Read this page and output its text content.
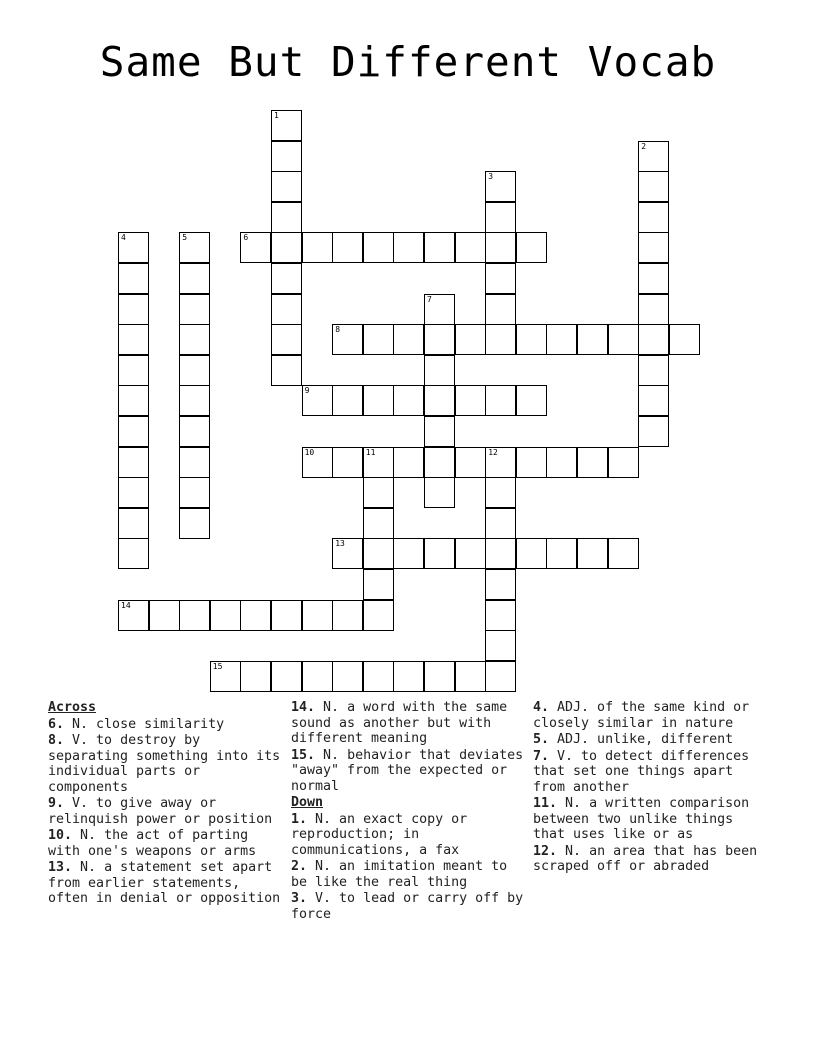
Same But Different Vocab
1
2
3
4	5	6
7
8
9
10	11	12
13
14
15
Across
6. N. close similarity
8. V. to destroy by separating something into its individual parts or components
9. V. to give away or relinquish power or position
10. N. the act of parting with one's weapons or arms
13. N. a statement set apart from earlier statements, often in denial or opposition
14. N. a word with the same sound as another but with different meaning
15. N. behavior that deviates "away" from the expected or normal
Down
1. N. an exact copy or reproduction; in communications, a fax
2. N. an imitation meant to be like the real thing
3. V. to lead or carry off by force
4. ADJ. of the same kind or closely similar in nature
5. ADJ. unlike, different
7. V. to detect differences that set one things apart from another
11. N. a written comparison between two unlike things that uses like or as
12. N. an area that has been scraped off or abraded
